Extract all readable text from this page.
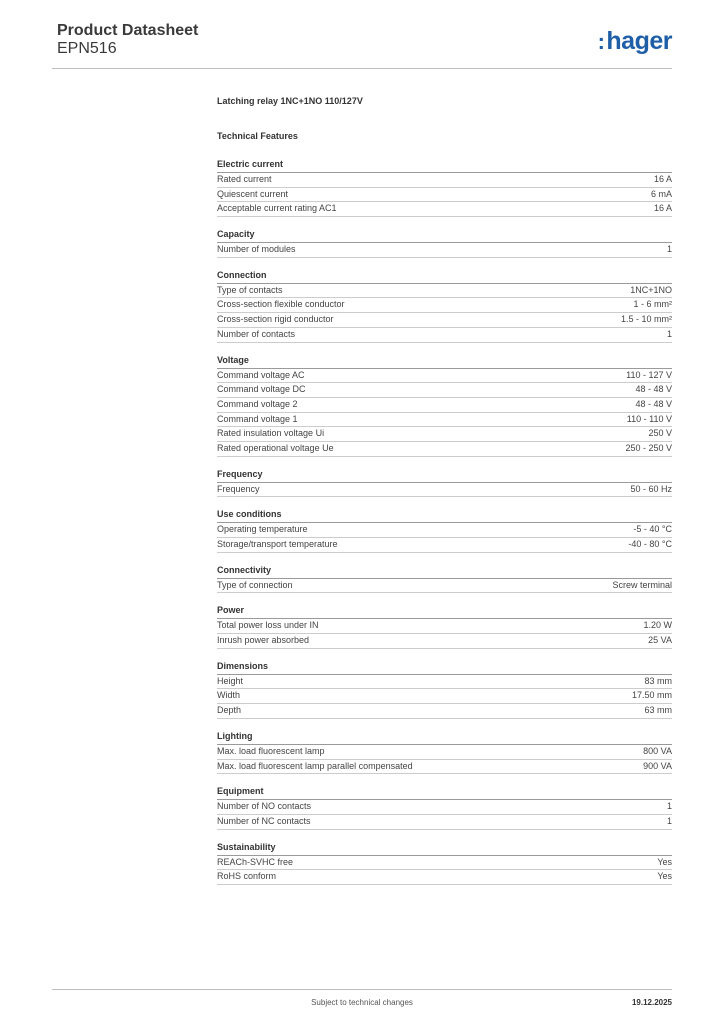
Product Datasheet
EPN516	:hager
Latching relay 1NC+1NO 110/127V
Technical Features
Electric current
Rated current	16 A
Quiescent current	6 mA
Acceptable current rating AC1	16 A
Capacity
Number of modules	1
Connection
Type of contacts	1NC+1NO
Cross-section flexible conductor	1 - 6 mm²
Cross-section rigid conductor	1.5 - 10 mm²
Number of contacts	1
Voltage
Command voltage AC	110 - 127 V
Command voltage DC	48 - 48 V
Command voltage 2	48 - 48 V
Command voltage 1	110 - 110 V
Rated insulation voltage Ui	250 V
Rated operational voltage Ue	250 - 250 V
Frequency
Frequency	50 - 60 Hz
Use conditions
Operating temperature	-5 - 40 °C
Storage/transport temperature	-40 - 80 °C
Connectivity
Type of connection	Screw terminal
Power
Total power loss under IN	1.20 W
Inrush power absorbed	25 VA
Dimensions
Height	83 mm
Width	17.50 mm
Depth	63 mm
Lighting
Max. load fluorescent lamp	800 VA
Max. load fluorescent lamp parallel compensated	900 VA
Equipment
Number of NO contacts	1
Number of NC contacts	1
Sustainability
REACh-SVHC free	Yes
RoHS conform	Yes
Subject to technical changes	19.12.2025
